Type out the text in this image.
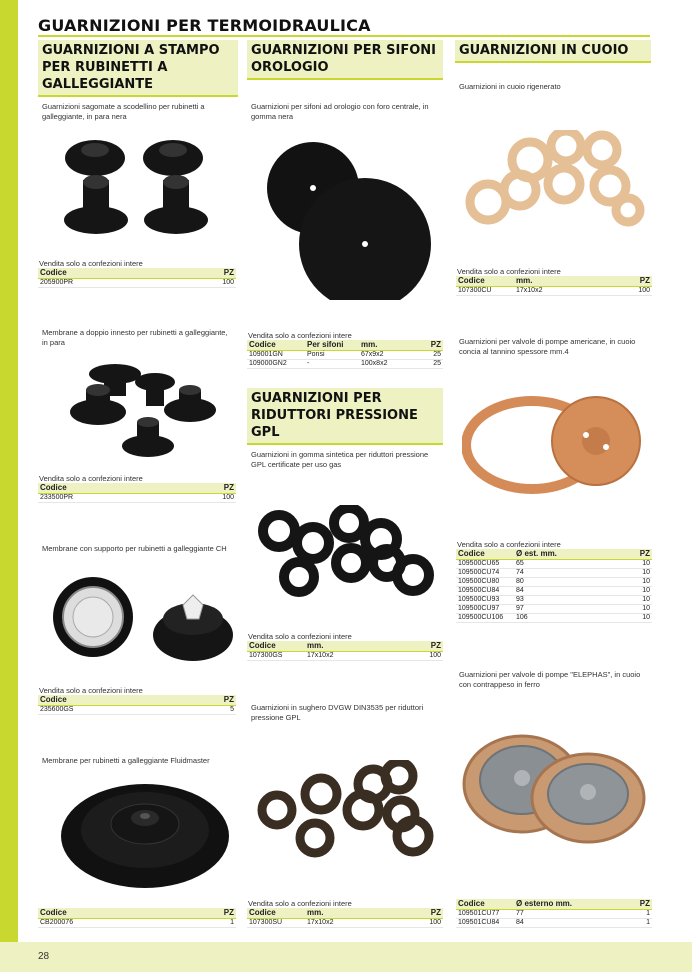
28
GUARNIZIONI PER TERMOIDRAULICA
GUARNIZIONI A STAMPO PER RUBINETTI A GALLEGGIANTE
Guarnizioni sagomate a scodellino per rubinetti a galleggiante, in para nera
Vendita solo a confezioni intere
Codice	PZ
205900PR	100
Membrane a doppio innesto per rubinetti a galleggiante, in para
Vendita solo a confezioni intere
Codice	PZ
233500PR	100
Membrane con supporto per rubinetti a galleggiante CH
Vendita solo a confezioni intere
Codice	PZ
235600GS	5
Membrane per rubinetti a galleggiante Fluidmaster
Codice	PZ
CB200076	1
GUARNIZIONI PER SIFONI OROLOGIO
Guarnizioni per sifoni ad orologio con foro centrale, in gomma nera
Vendita solo a confezioni intere
Codice	Per sifoni	mm.	PZ
109001GN	Ponsi	67x9x2	25
109000GN2	-	100x8x2	25
GUARNIZIONI PER RIDUTTORI PRESSIONE GPL
Guarnizioni in gomma sintetica per riduttori pressione GPL certificate per uso gas
Vendita solo a confezioni intere
Codice	mm.	PZ
107300GS	17x10x2	100
Guarnizioni in sughero DVGW DIN3535 per riduttori pressione GPL
Vendita solo a confezioni intere
Codice	mm.	PZ
107300SU	17x10x2	100
GUARNIZIONI IN CUOIO
Guarnizioni in cuoio rigenerato
Vendita solo a confezioni intere
Codice	mm.	PZ
107300CU	17x10x2	100
Guarnizioni per valvole di pompe americane, in cuoio concia al tannino spessore mm.4
Vendita solo a confezioni intere
Codice	Ø est. mm.	PZ
109500CU65	65	10
109500CU74	74	10
109500CU80	80	10
109500CU84	84	10
109500CU93	93	10
109500CU97	97	10
109500CU106	106	10
Guarnizioni per valvole di pompe "ELEPHAS", in cuoio con contrappeso in ferro
Codice	Ø esterno mm.	PZ
109501CU77	77	1
109501CU84	84	1
